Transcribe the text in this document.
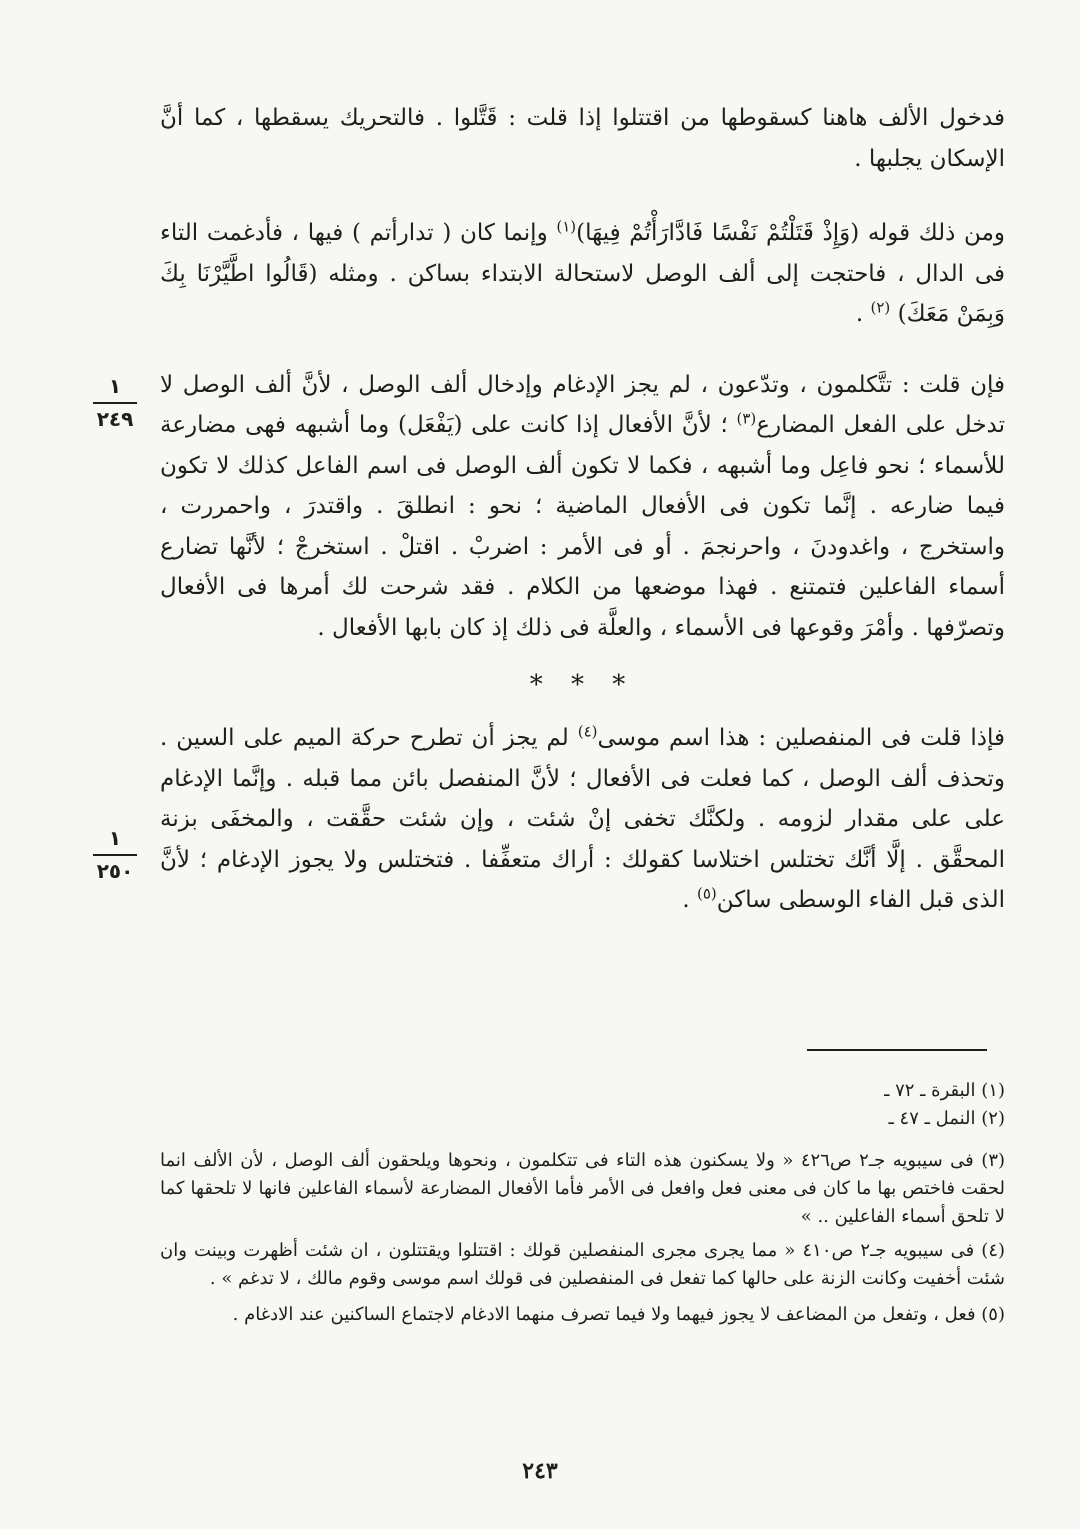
فدخول الألف هاهنا كسقوطها من اقتتلوا إذا قلت : قَتَّلوا . فالتحريك يسقطها ، كما أنَّ الإسكان يجلبها .

ومن ذلك قوله (وَإِذْ قَتَلْتُمْ نَفْسًا فَادَّارَأْتُمْ فِيهَا)$^{(١)}$ وإنما كان ( تدارأتم ) فيها ، فأدغمت التاء فى الدال ، فاحتجت إلى ألف الوصل لاستحالة الابتداء بساكن . ومثله (قَالُوا اطَّيَّرْنَا بِكَ وَبِمَنْ مَعَكَ) $^{(٢)}$ .

فإن قلت : تتَّكلمون ، وتدّعون ، لم يجز الإدغام وإدخال ألف الوصل ، لأنَّ ألف الوصل لا تدخل على الفعل المضارع$^{(٣)}$ ؛ لأنَّ الأفعال إذا كانت على (يَفْعَل) وما أشبهه فهى مضارعة للأسماء ؛ نحو فاعِل وما أشبهه ، فكما لا تكون ألف الوصل فى اسم الفاعل كذلك لا تكون فيما ضارعه . إنَّما تكون فى الأفعال الماضية ؛ نحو : انطلقَ . واقتدرَ ، واحمررت ، واستخرج ، واغدودنَ ، واحرنجمَ . أو فى الأمر : اضربْ . اقتلْ . استخرجْ ؛ لأنَّها تضارع أسماء الفاعلين فتمتنع . فهذا موضعها من الكلام . فقد شرحت لك أمرها فى الأفعال وتصرّفها . وأمْرَ وقوعها فى الأسماء ، والعلَّة فى ذلك إذ كان بابها الأفعال .

* * *

فإذا قلت فى المنفصلين : هذا اسم موسى$^{(٤)}$ لم يجز أن تطرح حركة الميم على السين . وتحذف ألف الوصل ، كما فعلت فى الأفعال ؛ لأنَّ المنفصل بائن مما قبله . وإنَّما الإدغام على على مقدار لزومه . ولكنَّك تخفى إنْ شئت ، وإن شئت حقَّقت ، والمخفَى بزنة المحقَّق . إلَّا أنَّك تختلس اختلاسا كقولك : أراك متعفِّفا . فتختلس ولا يجوز الإدغام ؛ لأنَّ الذى قبل الفاء الوسطى ساكن$^{(٥)}$ .

١
٢٤٩
١
٢٥٠

(١) البقرة ـ ٧٢ ـ

(٢) النمل ـ ٤٧ ـ

(٣) فى سيبويه جـ٢ ص٤٢٦ « ولا يسكنون هذه التاء فى تتكلمون ، ونحوها ويلحقون ألف الوصل ، لأن الألف انما لحقت فاختص بها ما كان فى معنى فعل وافعل فى الأمر فأما الأفعال المضارعة لأسماء الفاعلين فانها لا تلحقها كما لا تلحق أسماء الفاعلين .. »

(٤) فى سيبويه جـ٢ ص٤١٠ « مما يجرى مجرى المنفصلين قولك : اقتتلوا ويقتتلون ، ان شئت أظهرت وبينت وان شئت أخفيت وكانت الزنة على حالها كما تفعل فى المنفصلين فى قولك اسم موسى وقوم مالك ، لا تدغم » .

(٥) فعل ، وتفعل من المضاعف لا يجوز فيهما ولا فيما تصرف منهما الادغام لاجتماع الساكنين عند الادغام .

٢٤٣
